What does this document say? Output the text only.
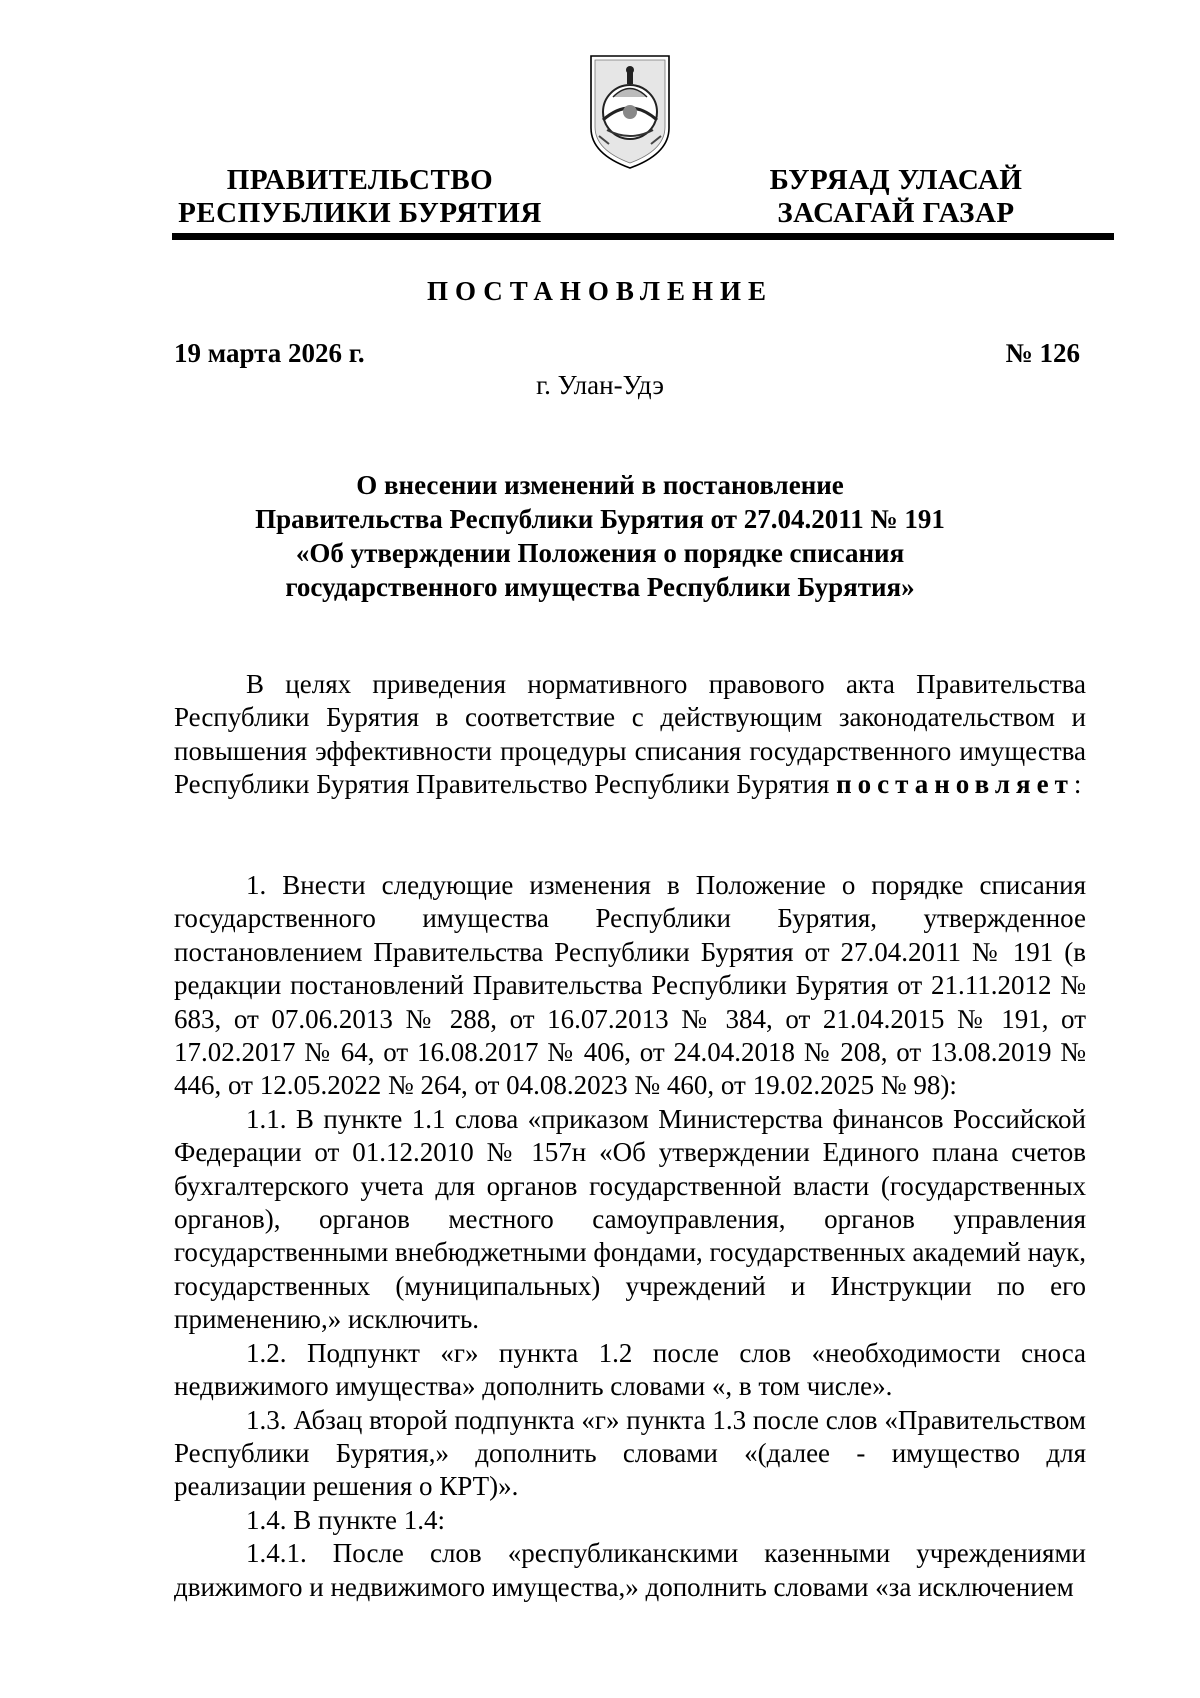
ПРАВИТЕЛЬСТВО
РЕСПУБЛИКИ БУРЯТИЯ
БУРЯАД УЛАСАЙ
ЗАСАГАЙ ГАЗАР
ПОСТАНОВЛЕНИЕ
19 марта 2026 г.	№ 126
г. Улан-Удэ
О внесении изменений в постановление
Правительства Республики Бурятия от 27.04.2011 № 191
«Об утверждении Положения о порядке списания
государственного имущества Республики Бурятия»

В целях приведения нормативного правового акта Правительства Республики Бурятия в соответствие с действующим законодательством и повышения эффективности процедуры списания государственного имущества Республики Бурятия Правительство Республики Бурятия постановляет:

1. Внести следующие изменения в Положение о порядке списания государственного имущества Республики Бурятия, утвержденное постановлением Правительства Республики Бурятия от 27.04.2011 № 191 (в редакции постановлений Правительства Республики Бурятия от 21.11.2012 № 683, от 07.06.2013 № 288, от 16.07.2013 № 384, от 21.04.2015 № 191, от 17.02.2017 № 64, от 16.08.2017 № 406, от 24.04.2018 № 208, от 13.08.2019 № 446, от 12.05.2022 № 264, от 04.08.2023 № 460, от 19.02.2025 № 98):

1.1. В пункте 1.1 слова «приказом Министерства финансов Российской Федерации от 01.12.2010 № 157н «Об утверждении Единого плана счетов бухгалтерского учета для органов государственной власти (государственных органов), органов местного самоуправления, органов управления государственными внебюджетными фондами, государственных академий наук, государственных (муниципальных) учреждений и Инструкции по его применению,» исключить.

1.2. Подпункт «г» пункта 1.2 после слов «необходимости сноса недвижимого имущества» дополнить словами «, в том числе».

1.3. Абзац второй подпункта «г» пункта 1.3 после слов «Правительством Республики Бурятия,» дополнить словами «(далее - имущество для реализации решения о КРТ)».

1.4. В пункте 1.4:

1.4.1. После слов «республиканскими казенными учреждениями движимого и недвижимого имущества,» дополнить словами «за исключением
